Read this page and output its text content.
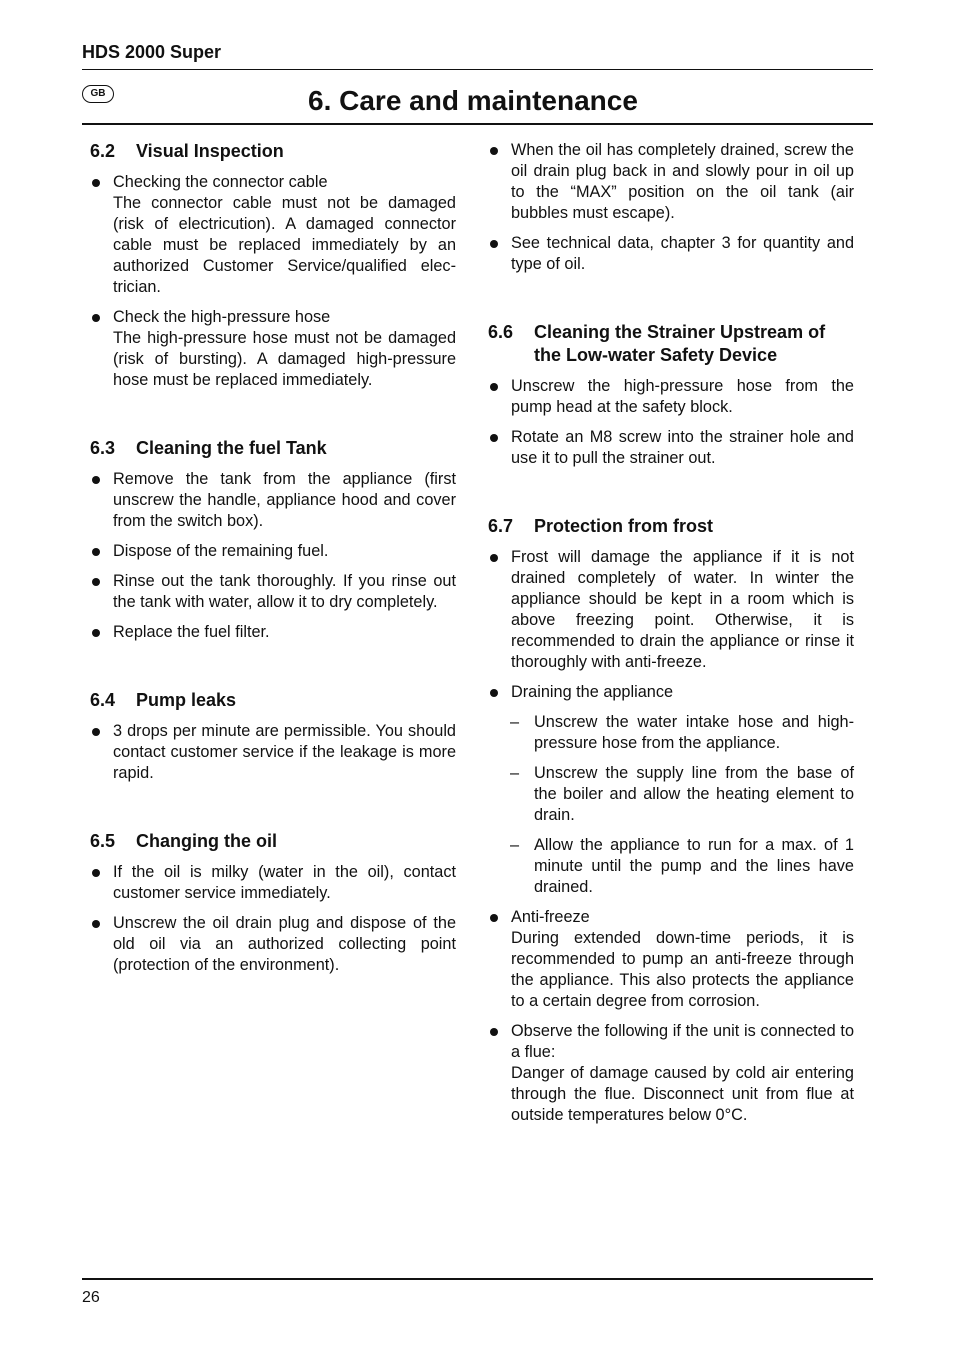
HDS 2000 Super

GB	6. Care and maintenance
6.2	Visual Inspection

Checking the connector cable

The connector cable must not be damaged (risk of electricution). A damaged connector cable must be replaced immediately by an authorized Customer Service/qualified elec-trician.

Check the high-pressure hose

The high-pressure hose must not be damaged (risk of bursting). A damaged high-pressure hose must be replaced immediately.

6.3	Cleaning the fuel Tank

Remove the tank from the appliance (first unscrew the handle, appliance hood and cover from the switch box).

Dispose of the remaining fuel.

Rinse out the tank thoroughly. If you rinse out the tank with water, allow it to dry completely.

Replace the fuel filter.

6.4	Pump leaks

3 drops per minute are permissible. You should contact customer service if the leakage is more rapid.

6.5	Changing the oil

If the oil is milky (water in the oil), contact customer service immediately.

Unscrew the oil drain plug and dispose of the old oil via an authorized collecting point (protection of the environment).

When the oil has completely drained, screw the oil drain plug back in and slowly pour in oil up to the “MAX” position on the oil tank (air bubbles must escape).

See technical data, chapter 3 for quantity and type of oil.

6.6	Cleaning the Strainer Upstream of the Low-water Safety Device

Unscrew the high-pressure hose from the pump head at the safety block.

Rotate an M8 screw into the strainer hole and use it to pull the strainer out.

6.7	Protection from frost

Frost will damage the appliance if it is not drained completely of water. In winter the appliance should be kept in a room which is above freezing point. Otherwise, it is recommended to drain the appliance or rinse it thoroughly with anti-freeze.

Draining the appliance

– Unscrew the water intake hose and high-pressure hose from the appliance.

– Unscrew the supply line from the base of the boiler and allow the heating element to drain.

– Allow the appliance to run for a max. of 1 minute until the pump and the lines have drained.

Anti-freeze

During extended down-time periods, it is recommended to pump an anti-freeze through the appliance. This also protects the appliance to a certain degree from corrosion.

Observe the following if the unit is connected to a flue:

Danger of damage caused by cold air entering through the flue. Disconnect unit from flue at outside temperatures below 0°C.

26
